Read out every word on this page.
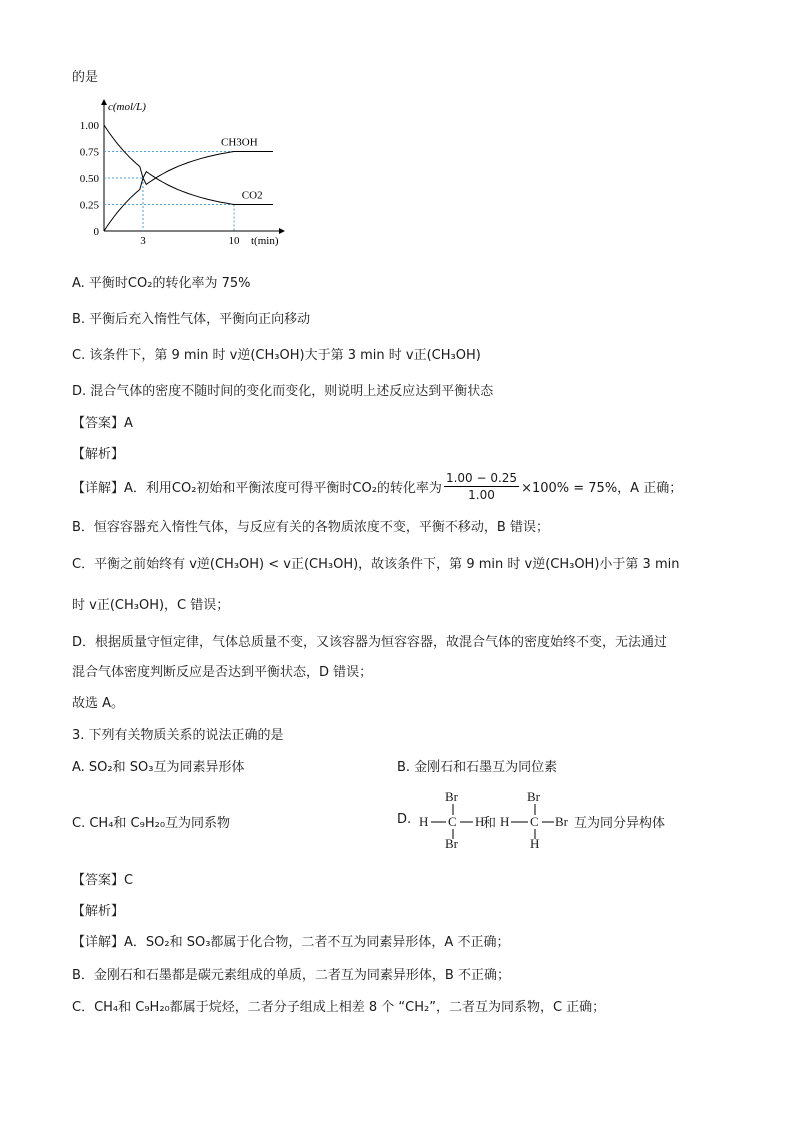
的是
c(mol/L)
t(min)
0
0.25
0.50
0.75
1.00
3	10
CH3OH
CO2
A. 平衡时CO₂的转化率为 75%
B. 平衡后充入惰性气体，平衡向正向移动
C. 该条件下，第 9 min 时 v逆(CH₃OH)大于第 3 min 时 v正(CH₃OH)
D. 混合气体的密度不随时间的变化而变化，则说明上述反应达到平衡状态
【答案】A
【解析】
【详解】A．利用CO₂初始和平衡浓度可得平衡时CO₂的转化率为 $\frac{1.00 - 0.25}{1.00} \times 100\% = 75\%$，A 正确；
B．恒容容器充入惰性气体，与反应有关的各物质浓度不变，平衡不移动，B 错误；
C．平衡之前始终有 v逆(CH₃OH) < v正(CH₃OH)，故该条件下，第 9 min 时 v逆(CH₃OH)小于第 3 min
时 v正(CH₃OH)，C 错误；
D．根据质量守恒定律，气体总质量不变，又该容器为恒容容器，故混合气体的密度始终不变，无法通过
混合气体密度判断反应是否达到平衡状态，D 错误；
故选 A。
3. 下列有关物质关系的说法正确的是
A. SO₂和 SO₃互为同素异形体	B. 金刚石和石墨互为同位素
C. CH₄和 C₉H₂₀互为同系物	D.
Br
H C H
Br
和
Br
H C Br
H
互为同分异构体
【答案】C
【解析】
【详解】A．SO₂和 SO₃都属于化合物，二者不互为同素异形体，A 不正确；
B．金刚石和石墨都是碳元素组成的单质，二者互为同素异形体，B 不正确；
C．CH₄和 C₉H₂₀都属于烷烃，二者分子组成上相差 8 个 “CH₂”，二者互为同系物，C 正确；
